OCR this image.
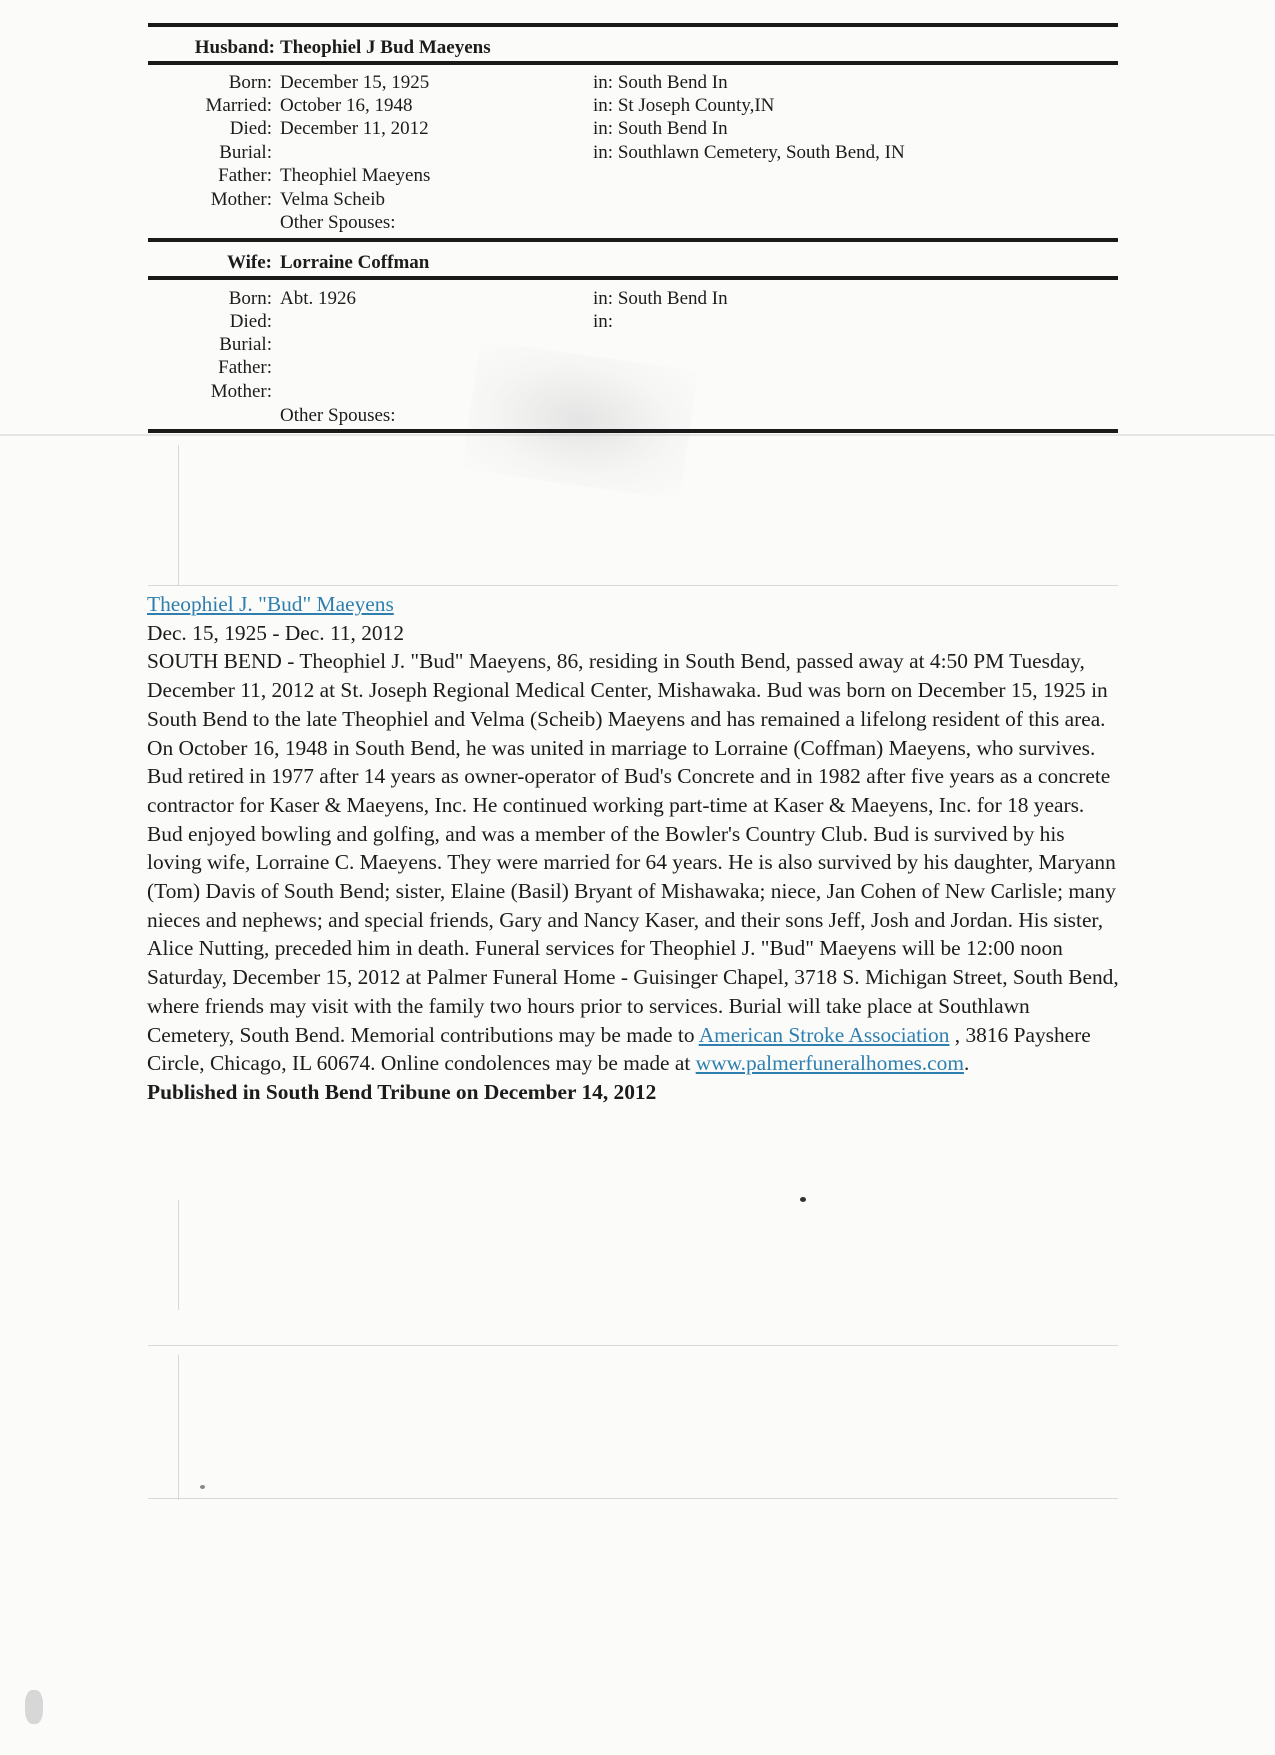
Husband: Theophiel J Bud Maeyens
Born: December 15, 1925	in: South Bend In
Married: October 16, 1948	in: St Joseph County,IN
Died: December 11, 2012	in: South Bend In
Burial:	in: Southlawn Cemetery, South Bend, IN
Father: Theophiel Maeyens
Mother: Velma Scheib
Other Spouses:
Wife: Lorraine Coffman
Born: Abt. 1926	in: South Bend In
Died:	in:
Burial:
Father:
Mother:
Other Spouses:

Theophiel J. "Bud" Maeyens

Dec. 15, 1925 - Dec. 11, 2012

SOUTH BEND - Theophiel J. "Bud" Maeyens, 86, residing in South Bend, passed away at 4:50 PM Tuesday, December 11, 2012 at St. Joseph Regional Medical Center, Mishawaka. Bud was born on December 15, 1925 in South Bend to the late Theophiel and Velma (Scheib) Maeyens and has remained a lifelong resident of this area. On October 16, 1948 in South Bend, he was united in marriage to Lorraine (Coffman) Maeyens, who survives. Bud retired in 1977 after 14 years as owner-operator of Bud's Concrete and in 1982 after five years as a concrete contractor for Kaser & Maeyens, Inc. He continued working part-time at Kaser & Maeyens, Inc. for 18 years. Bud enjoyed bowling and golfing, and was a member of the Bowler's Country Club. Bud is survived by his loving wife, Lorraine C. Maeyens. They were married for 64 years. He is also survived by his daughter, Maryann (Tom) Davis of South Bend; sister, Elaine (Basil) Bryant of Mishawaka; niece, Jan Cohen of New Carlisle; many nieces and nephews; and special friends, Gary and Nancy Kaser, and their sons Jeff, Josh and Jordan. His sister, Alice Nutting, preceded him in death. Funeral services for Theophiel J. "Bud" Maeyens will be 12:00 noon Saturday, December 15, 2012 at Palmer Funeral Home - Guisinger Chapel, 3718 S. Michigan Street, South Bend, where friends may visit with the family two hours prior to services. Burial will take place at Southlawn Cemetery, South Bend. Memorial contributions may be made to American Stroke Association , 3816 Payshere Circle, Chicago, IL 60674. Online condolences may be made at www.palmerfuneralhomes.com.

Published in South Bend Tribune on December 14, 2012
